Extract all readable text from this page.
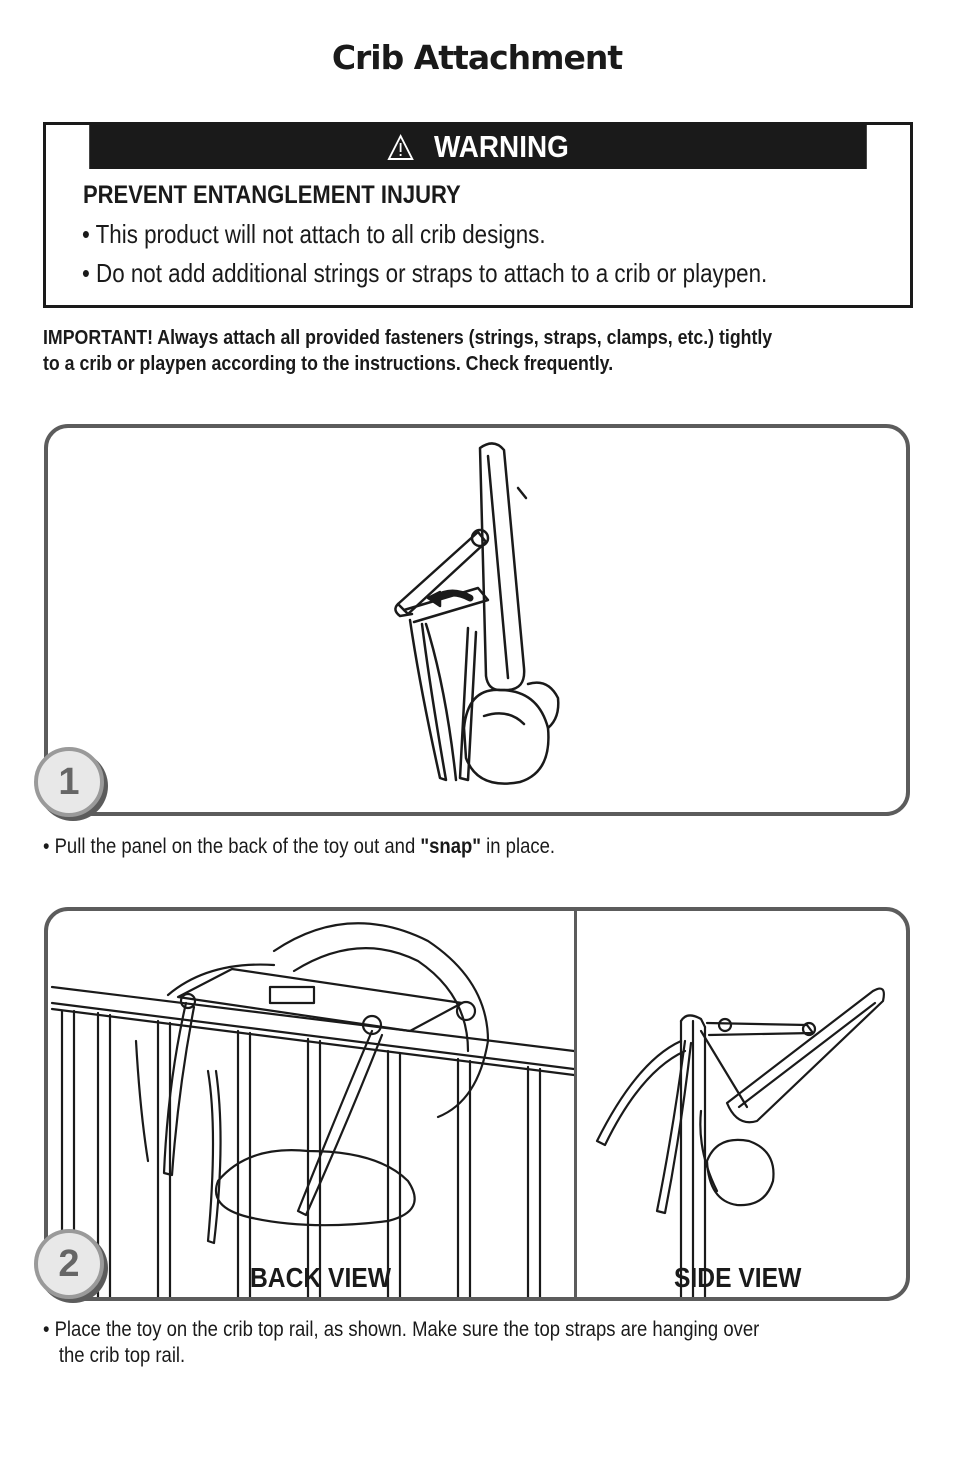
Crib Attachment
WARNING
PREVENT ENTANGLEMENT INJURY
• This product will not attach to all crib designs.
• Do not add additional strings or straps to attach to a crib or playpen.
IMPORTANT! Always attach all provided fasteners (strings, straps, clamps, etc.) tightly
to a crib or playpen according to the instructions. Check frequently.
1
• Pull the panel on the back of the toy out and "snap" in place.
2	BACK VIEW	SIDE VIEW
• Place the toy on the crib top rail, as shown. Make sure the top straps are hanging over
the crib top rail.
